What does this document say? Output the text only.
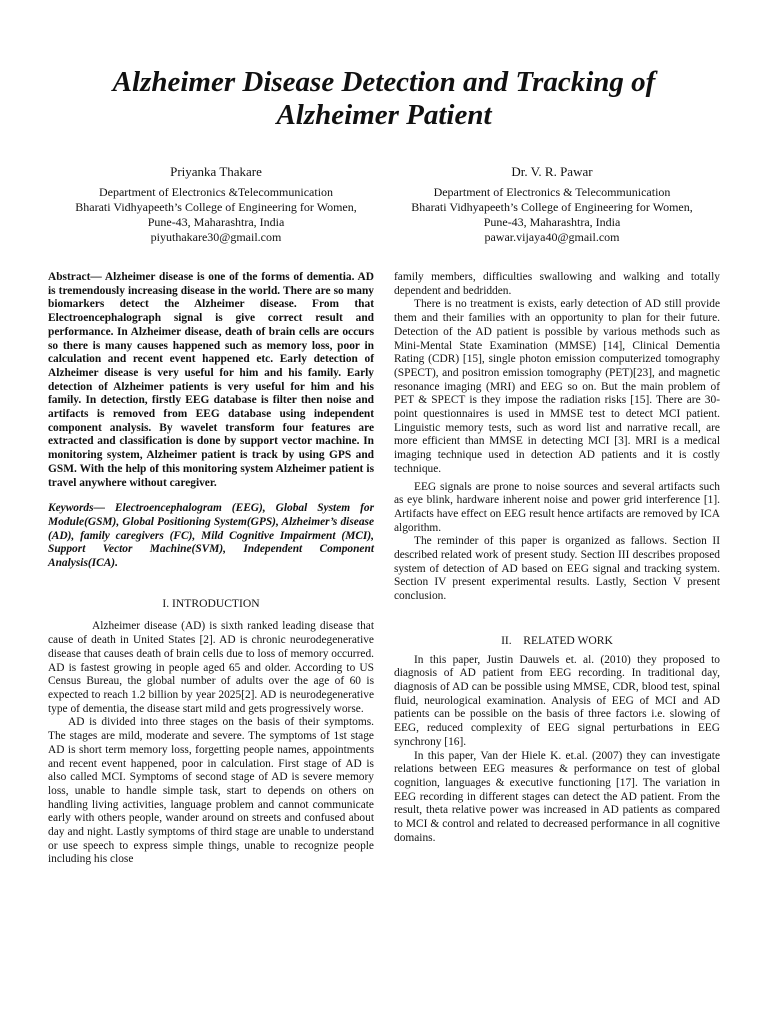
Alzheimer Disease Detection and Tracking of
Alzheimer Patient
Priyanka Thakare
Department of Electronics &Telecommunication
Bharati Vidhyapeeth’s College of Engineering for Women,
Pune-43, Maharashtra, India
piyuthakare30@gmail.com
Dr. V. R. Pawar
Department of Electronics & Telecommunication
Bharati Vidhyapeeth’s College of Engineering for Women,
Pune-43, Maharashtra, India
pawar.vijaya40@gmail.com

Abstract— Alzheimer disease is one of the forms of dementia. AD is tremendously increasing disease in the world. There are so many biomarkers detect the Alzheimer disease. From that Electroencephalograph signal is give correct result and performance. In Alzheimer disease, death of brain cells are occurs so there is many causes happened such as memory loss, poor in calculation and recent event happened etc. Early detection of Alzheimer disease is very useful for him and his family. Early detection of Alzheimer patients is very useful for him and his family. In detection, firstly EEG database is filter then noise and artifacts is removed from EEG database using independent component analysis. By wavelet transform four features are extracted and classification is done by support vector machine. In monitoring system, Alzheimer patient is track by using GPS and GSM. With the help of this monitoring system Alzheimer patient is travel anywhere without caregiver.

Keywords— Electroencephalogram (EEG), Global System for Module(GSM), Global Positioning System(GPS), Alzheimer’s disease (AD), family caregivers (FC), Mild Cognitive Impairment (MCI), Support Vector Machine(SVM), Independent Component Analysis(ICA).

I. INTRODUCTION

Alzheimer disease (AD) is sixth ranked leading disease that cause of death in United States [2]. AD is chronic neurodegenerative disease that causes death of brain cells due to loss of memory occurred. AD is fastest growing in people aged 65 and older. According to US Census Bureau, the global number of adults over the age of 60 is expected to reach 1.2 billion by year 2025[2]. AD is neurodegenerative type of dementia, the disease start mild and gets progressively worse.

AD is divided into three stages on the basis of their symptoms. The stages are mild, moderate and severe. The symptoms of 1st stage AD is short term memory loss, forgetting people names, appointments and recent event happened, poor in calculation. First stage of AD is also called MCI. Symptoms of second stage of AD is severe memory loss, unable to handle simple task, start to depends on others on handling living activities, language problem and cannot communicate early with others people, wander around on streets and confused about day and night. Lastly symptoms of third stage are unable to understand or use speech to express simple things, unable to recognize people including his close

family members, difficulties swallowing and walking and totally dependent and bedridden.

There is no treatment is exists, early detection of AD still provide them and their families with an opportunity to plan for their future. Detection of the AD patient is possible by various methods such as Mini-Mental State Examination (MMSE) [14], Clinical Dementia Rating (CDR) [15], single photon emission computerized tomography (SPECT), and positron emission tomography (PET)[23], and magnetic resonance imaging (MRI) and EEG so on. But the main problem of PET & SPECT is they impose the radiation risks [15]. There are 30-point questionnaires is used in MMSE test to detect MCI patient. Linguistic memory tests, such as word list and narrative recall, are more efficient than MMSE in detecting MCI [3]. MRI is a medical imaging technique used in detection AD patients and it is costly technique.

EEG signals are prone to noise sources and several artifacts such as eye blink, hardware inherent noise and power grid interference [1]. Artifacts have effect on EEG result hence artifacts are removed by ICA algorithm.

The reminder of this paper is organized as fallows. Section II described related work of present study. Section III describes proposed system of detection of AD based on EEG signal and tracking system. Section IV present experimental results. Lastly, Section V present conclusion.

II.    RELATED WORK

In this paper, Justin Dauwels et. al. (2010) they proposed to diagnosis of AD patient from EEG recording. In traditional day, diagnosis of AD can be possible using MMSE, CDR, blood test, spinal fluid, neurological examination. Analysis of EEG of MCI and AD patients can be possible on the basis of three factors i.e. slowing of EEG, reduced complexity of EEG signal perturbations in EEG synchrony [16].

In this paper, Van der Hiele K. et.al. (2007) they can investigate relations between EEG measures & performance on test of global cognition, languages & executive functioning [17]. The variation in EEG recording in different stages can detect the AD patient. From the result, theta relative power was increased in AD patients as compared to MCI & control and related to decreased performance in all cognitive domains.
